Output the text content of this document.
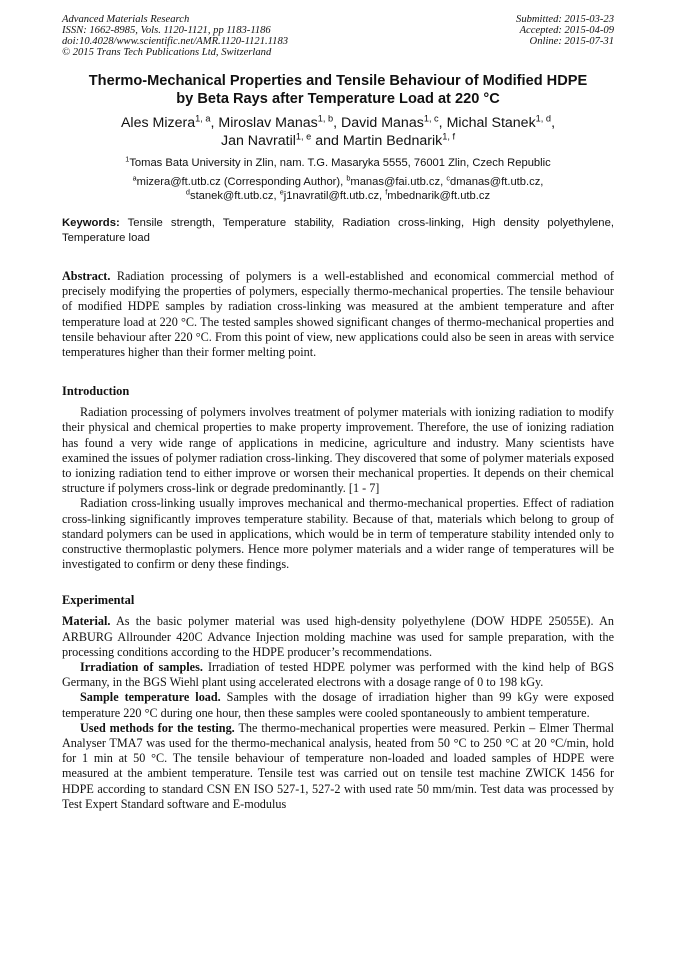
Advanced Materials Research
ISSN: 1662-8985, Vols. 1120-1121, pp 1183-1186
doi:10.4028/www.scientific.net/AMR.1120-1121.1183
© 2015 Trans Tech Publications Ltd, Switzerland
Submitted: 2015-03-23
Accepted: 2015-04-09
Online: 2015-07-31
Thermo-Mechanical Properties and Tensile Behaviour of Modified HDPE
by Beta Rays after Temperature Load at 220 °C
Ales Mizera$^{1, a}$, Miroslav Manas$^{1, b}$, David Manas$^{1, c}$, Michal Stanek$^{1, d}$,
Jan Navratil$^{1, e}$ and Martin Bednarik$^{1, f}$
$^1$Tomas Bata University in Zlin, nam. T.G. Masaryka 5555, 76001 Zlin, Czech Republic
$^a$mizera@ft.utb.cz (Corresponding Author), $^b$manas@fai.utb.cz, $^c$dmanas@ft.utb.cz,
$^d$stanek@ft.utb.cz, $^e$j1navratil@ft.utb.cz, $^f$mbednarik@ft.utb.cz

Keywords: Tensile strength, Temperature stability, Radiation cross-linking, High density polyethylene, Temperature load

Abstract. Radiation processing of polymers is a well-established and economical commercial method of precisely modifying the properties of polymers, especially thermo-mechanical properties. The tensile behaviour of modified HDPE samples by radiation cross-linking was measured at the ambient temperature and after temperature load at 220 °C. The tested samples showed significant changes of thermo-mechanical properties and tensile behaviour after 220 °C. From this point of view, new applications could also be seen in areas with service temperatures higher than their former melting point.

Introduction

Radiation processing of polymers involves treatment of polymer materials with ionizing radiation to modify their physical and chemical properties to make property improvement. Therefore, the use of ionizing radiation has found a very wide range of applications in medicine, agriculture and industry. Many scientists have examined the issues of polymer radiation cross-linking. They discovered that some of polymer materials exposed to ionizing radiation tend to either improve or worsen their mechanical properties. It depends on their chemical structure if polymers cross-link or degrade predominantly. [1 - 7]

Radiation cross-linking usually improves mechanical and thermo-mechanical properties. Effect of radiation cross-linking significantly improves temperature stability. Because of that, materials which belong to group of standard polymers can be used in applications, which would be in term of temperature stability intended only to constructive thermoplastic polymers. Hence more polymer materials and a wider range of temperatures will be investigated to confirm or deny these findings.

Experimental

Material. As the basic polymer material was used high-density polyethylene (DOW HDPE 25055E). An ARBURG Allrounder 420C Advance Injection molding machine was used for sample preparation, with the processing conditions according to the HDPE producer’s recommendations.

Irradiation of samples. Irradiation of tested HDPE polymer was performed with the kind help of BGS Germany, in the BGS Wiehl plant using accelerated electrons with a dosage range of 0 to 198 kGy.

Sample temperature load. Samples with the dosage of irradiation higher than 99 kGy were exposed temperature 220 °C during one hour, then these samples were cooled spontaneously to ambient temperature.

Used methods for the testing. The thermo-mechanical properties were measured. Perkin – Elmer Thermal Analyser TMA7 was used for the thermo-mechanical analysis, heated from 50 °C to 250 °C at 20 °C/min, hold for 1 min at 50 °C. The tensile behaviour of temperature non-loaded and loaded samples of HDPE were measured at the ambient temperature. Tensile test was carried out on tensile test machine ZWICK 1456 for HDPE according to standard CSN EN ISO 527-1, 527-2 with used rate 50 mm/min. Test data was processed by Test Expert Standard software and E-modulus
